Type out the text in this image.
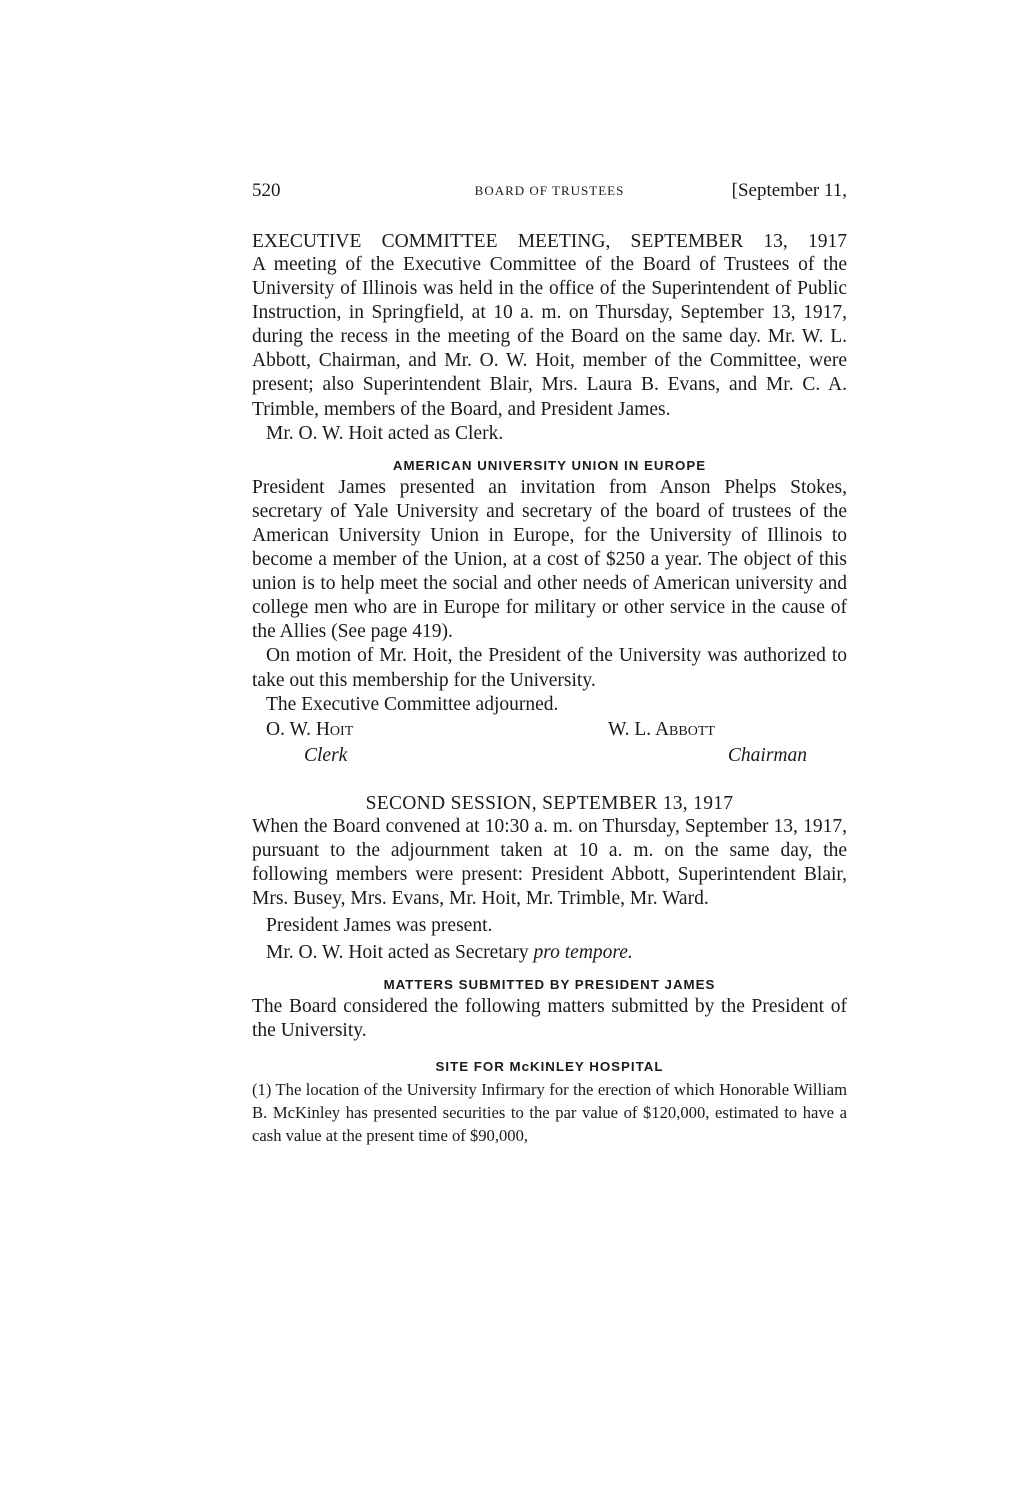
520	BOARD OF TRUSTEES	[September 11,
EXECUTIVE COMMITTEE MEETING, SEPTEMBER 13, 1917

A meeting of the Executive Committee of the Board of Trustees of the University of Illinois was held in the office of the Superintendent of Public Instruction, in Springfield, at 10 a. m. on Thursday, September 13, 1917, during the recess in the meeting of the Board on the same day. Mr. W. L. Abbott, Chairman, and Mr. O. W. Hoit, member of the Committee, were present; also Superintendent Blair, Mrs. Laura B. Evans, and Mr. C. A. Trimble, members of the Board, and President James.

Mr. O. W. Hoit acted as Clerk.

AMERICAN UNIVERSITY UNION IN EUROPE

President James presented an invitation from Anson Phelps Stokes, secretary of Yale University and secretary of the board of trustees of the American University Union in Europe, for the University of Illinois to become a member of the Union, at a cost of $250 a year. The object of this union is to help meet the social and other needs of American university and college men who are in Europe for military or other service in the cause of the Allies (See page 419).

On motion of Mr. Hoit, the President of the University was authorized to take out this membership for the University.

The Executive Committee adjourned.

O. W. Hoit
Clerk
W. L. Abbott
Chairman
SECOND SESSION, SEPTEMBER 13, 1917

When the Board convened at 10:30 a. m. on Thursday, September 13, 1917, pursuant to the adjournment taken at 10 a. m. on the same day, the following members were present: President Abbott, Superintendent Blair, Mrs. Busey, Mrs. Evans, Mr. Hoit, Mr. Trimble, Mr. Ward.

President James was present.

Mr. O. W. Hoit acted as Secretary pro tempore.

MATTERS SUBMITTED BY PRESIDENT JAMES

The Board considered the following matters submitted by the President of the University.

SITE FOR McKINLEY HOSPITAL

(1) The location of the University Infirmary for the erection of which Honorable William B. McKinley has presented securities to the par value of $120,000, estimated to have a cash value at the present time of $90,000,
